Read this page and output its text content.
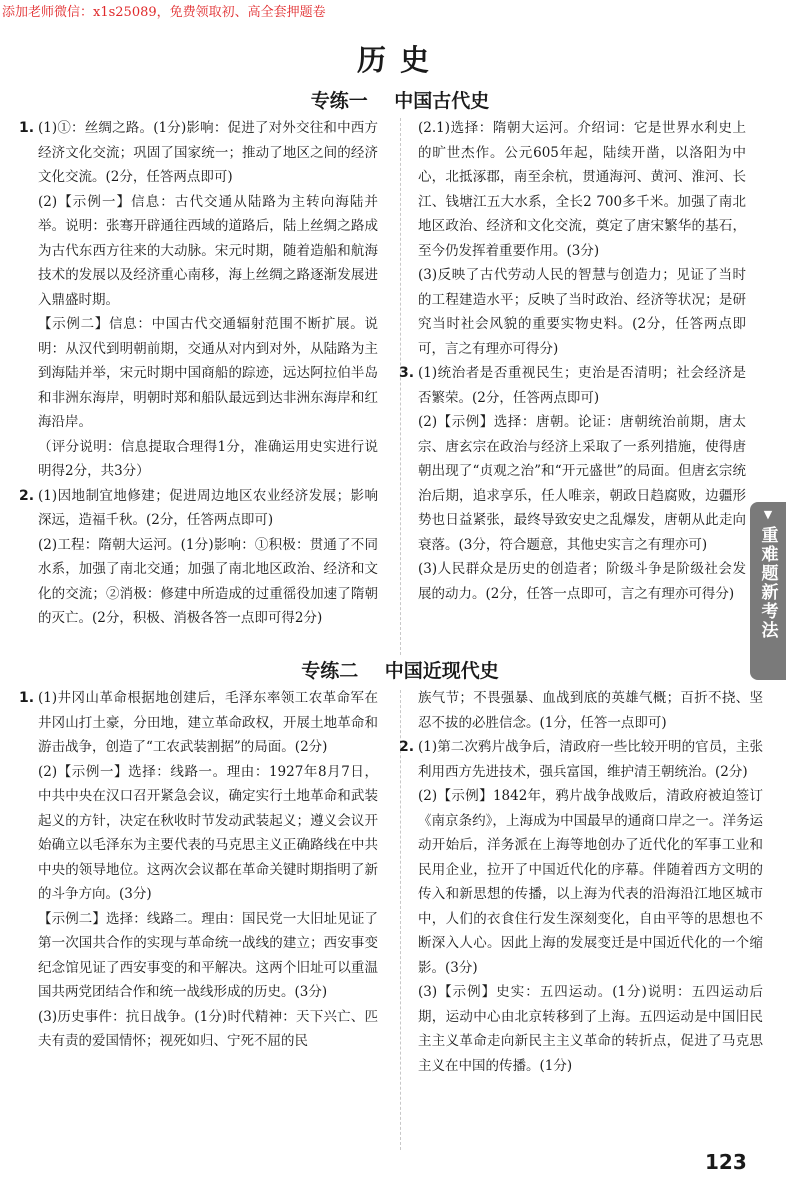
添加老师微信：x1s25089，免费领取初、高全套押题卷
历史
专练一    中国古代史
专练二    中国近现代史
1. (1)①：丝绸之路。(1分)影响：促进了对外交往和中西方经济文化交流；巩固了国家统一；推动了地区之间的经济文化交流。(2分，任答两点即可)

(2)【示例一】信息：古代交通从陆路为主转向海陆并举。说明：张骞开辟通往西域的道路后，陆上丝绸之路成为古代东西方往来的大动脉。宋元时期，随着造船和航海技术的发展以及经济重心南移，海上丝绸之路逐渐发展进入鼎盛时期。

【示例二】信息：中国古代交通辐射范围不断扩展。说明：从汉代到明朝前期，交通从对内到对外，从陆路为主到海陆并举，宋元时期中国商船的踪迹，远达阿拉伯半岛和非洲东海岸，明朝时郑和船队最远到达非洲东海岸和红海沿岸。

（评分说明：信息提取合理得1分，准确运用史实进行说明得2分，共3分）

2. (1)因地制宜地修建；促进周边地区农业经济发展；影响深远，造福千秋。(2分，任答两点即可)

(2)工程：隋朝大运河。(1分)影响：①积极：贯通了不同水系，加强了南北交通；加强了南北地区政治、经济和文化的交流；②消极：修建中所造成的过重徭役加速了隋朝的灭亡。(2分，积极、消极各答一点即可得2分)

(2.1)选择：隋朝大运河。介绍词：它是世界水利史上的旷世杰作。公元605年起，陆续开凿，以洛阳为中心，北抵涿郡，南至余杭，贯通海河、黄河、淮河、长江、钱塘江五大水系，全长2 700多千米。加强了南北地区政治、经济和文化交流，奠定了唐宋繁华的基石，至今仍发挥着重要作用。(3分)

(3)反映了古代劳动人民的智慧与创造力；见证了当时的工程建造水平；反映了当时政治、经济等状况；是研究当时社会风貌的重要实物史料。(2分，任答两点即可，言之有理亦可得分)

3. (1)统治者是否重视民生；吏治是否清明；社会经济是否繁荣。(2分，任答两点即可)

(2)【示例】选择：唐朝。论证：唐朝统治前期，唐太宗、唐玄宗在政治与经济上采取了一系列措施，使得唐朝出现了“贞观之治”和“开元盛世”的局面。但唐玄宗统治后期，追求享乐，任人唯亲，朝政日趋腐败，边疆形势也日益紧张，最终导致安史之乱爆发，唐朝从此走向衰落。(3分，符合题意，其他史实言之有理亦可)

(3)人民群众是历史的创造者；阶级斗争是阶级社会发展的动力。(2分，任答一点即可，言之有理亦可得分)

1. (1)井冈山革命根据地创建后，毛泽东率领工农革命军在井冈山打土豪，分田地，建立革命政权，开展土地革命和游击战争，创造了“工农武装割据”的局面。(2分)

(2)【示例一】选择：线路一。理由：1927年8月7日，中共中央在汉口召开紧急会议，确定实行土地革命和武装起义的方针，决定在秋收时节发动武装起义；遵义会议开始确立以毛泽东为主要代表的马克思主义正确路线在中共中央的领导地位。这两次会议都在革命关键时期指明了新的斗争方向。(3分)

【示例二】选择：线路二。理由：国民党一大旧址见证了第一次国共合作的实现与革命统一战线的建立；西安事变纪念馆见证了西安事变的和平解决。这两个旧址可以重温国共两党团结合作和统一战线形成的历史。(3分)

(3)历史事件：抗日战争。(1分)时代精神：天下兴亡、匹夫有责的爱国情怀；视死如归、宁死不屈的民

族气节；不畏强暴、血战到底的英雄气概；百折不挠、坚忍不拔的必胜信念。(1分，任答一点即可)

2. (1)第二次鸦片战争后，清政府一些比较开明的官员，主张利用西方先进技术，强兵富国，维护清王朝统治。(2分)

(2)【示例】1842年，鸦片战争战败后，清政府被迫签订《南京条约》，上海成为中国最早的通商口岸之一。洋务运动开始后，洋务派在上海等地创办了近代化的军事工业和民用企业，拉开了中国近代化的序幕。伴随着西方文明的传入和新思想的传播，以上海为代表的沿海沿江地区城市中，人们的衣食住行发生深刻变化，自由平等的思想也不断深入人心。因此上海的发展变迁是中国近代化的一个缩影。(3分)

(3)【示例】史实：五四运动。(1分)说明：五四运动后期，运动中心由北京转移到了上海。五四运动是中国旧民主主义革命走向新民主主义革命的转折点，促进了马克思主义在中国的传播。(1分)

▼
重难题新考法
123
